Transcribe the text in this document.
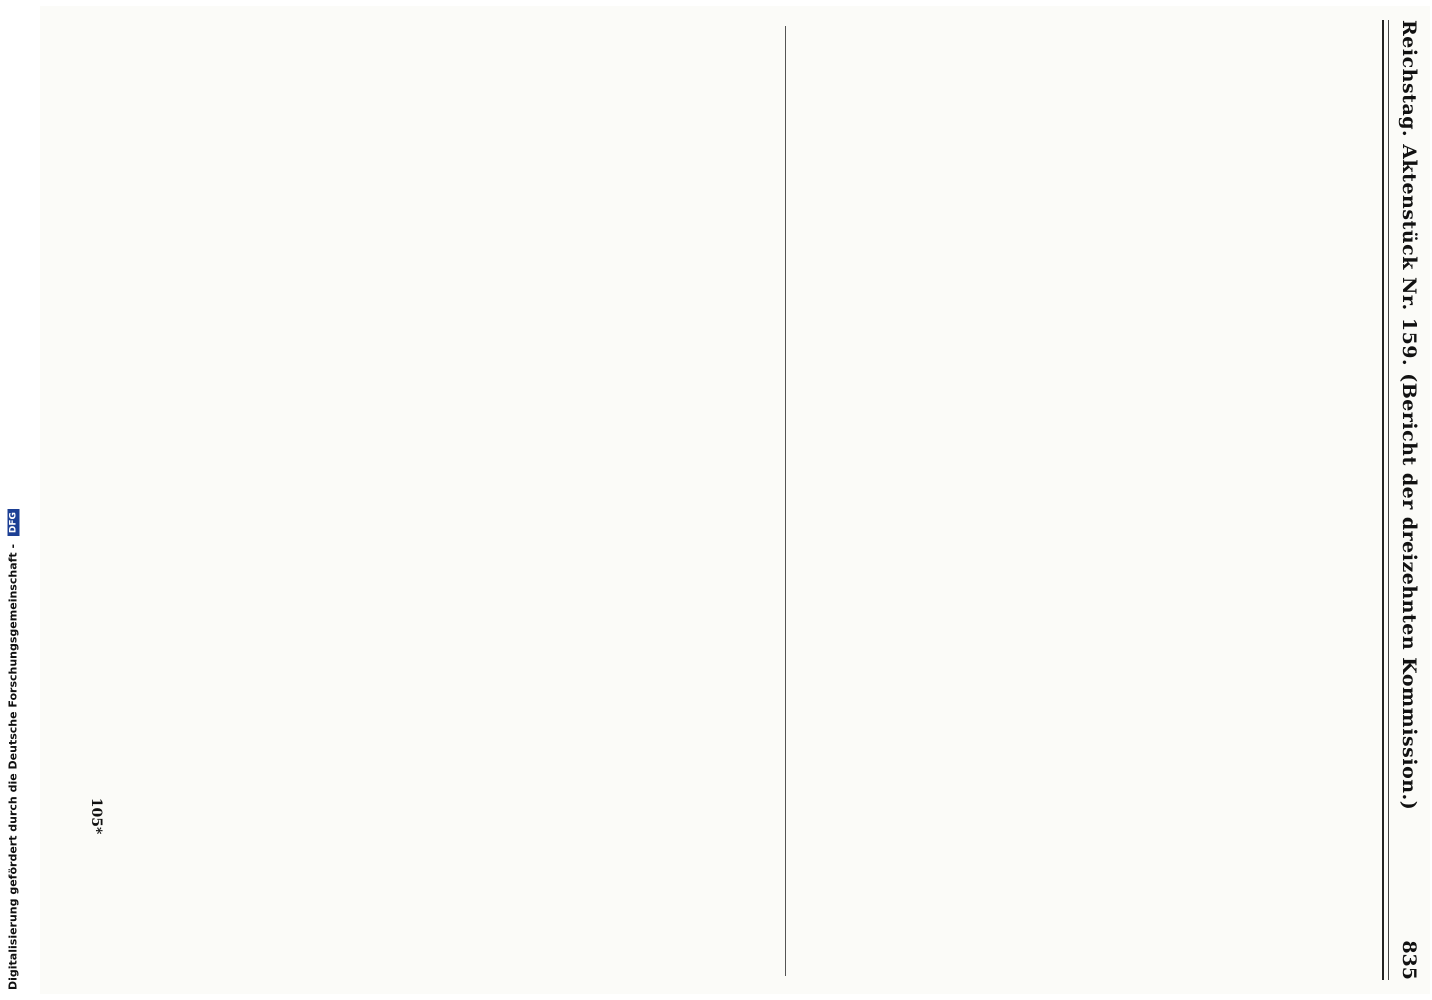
Digitalisierung gefördert durch die Deutsche Forschungsgemeinschaft - DFG	Reichstag. Aktenstück Nr. 159. (Bericht der dreizehnten Kommission.)
835
105*
